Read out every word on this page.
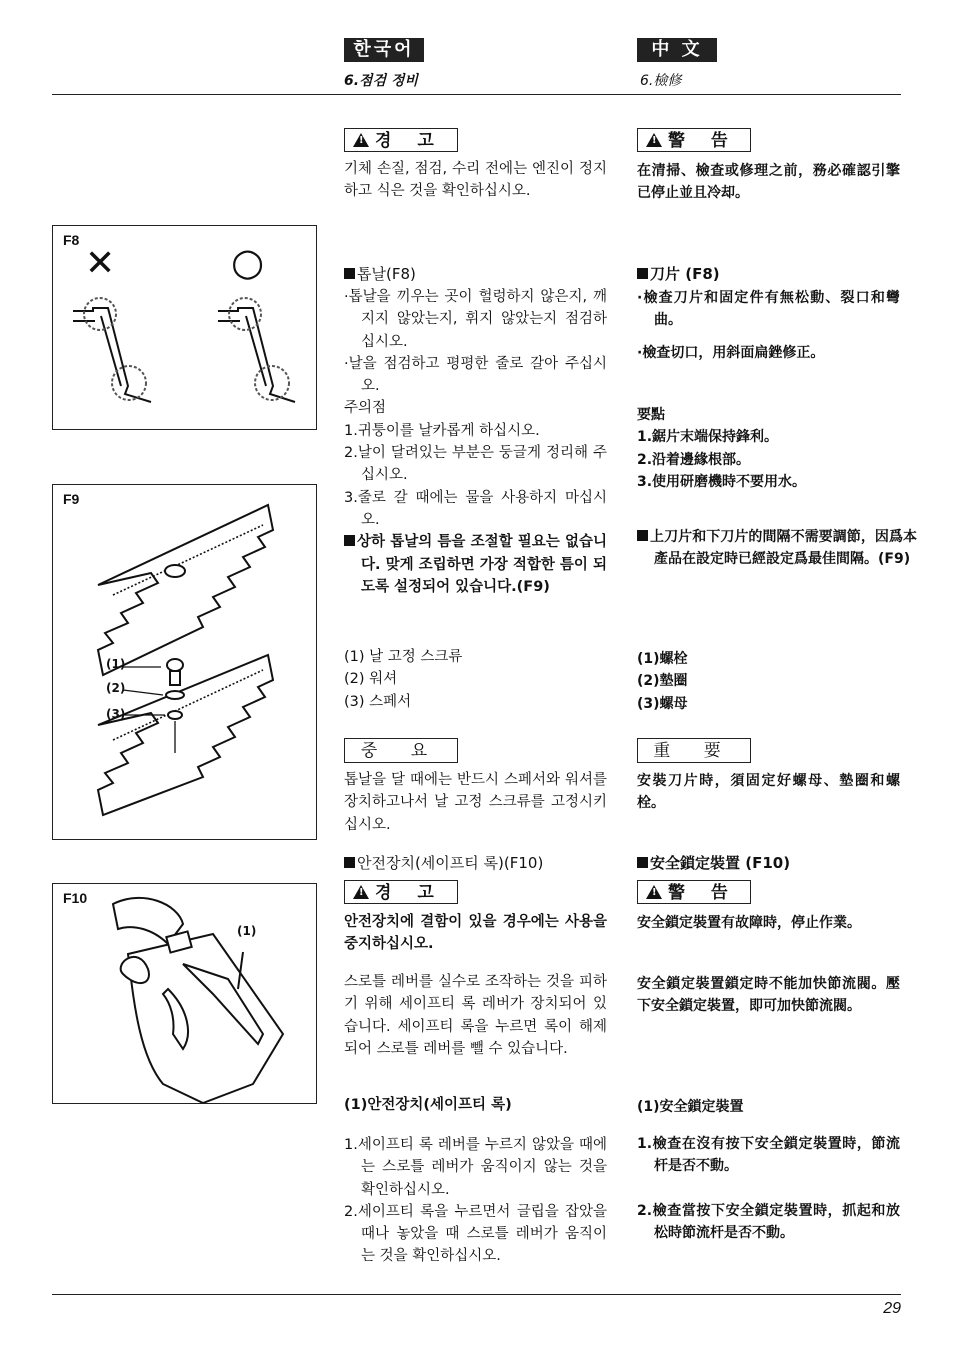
한국어	中 文
6.점검 정비	6.檢修
!경 고
기체 손질, 점검, 수리 전에는 엔진이 정지하고 식은 것을 확인하십시오.
톱날(F8)
·톱날을 끼우는 곳이 헐렁하지 않은지, 깨지지 않았는지, 휘지 않았는지 점검하십시오.
·날을 점검하고 평평한 줄로 갈아 주십시오.
주의점
1.귀퉁이를 날카롭게 하십시오.
2.날이 달려있는 부분은 둥글게 정리해 주십시오.
3.줄로 갈 때에는 물을 사용하지 마십시오.
상하 톱날의 틈을 조절할 필요는 없습니다. 맞게 조립하면 가장 적합한 틈이 되도록 설정되어 있습니다.(F9)
(1) 날 고정 스크류
(2) 워셔
(3) 스페서
중 요
톱날을 달 때에는 반드시 스페서와 워셔를 장치하고나서 날 고정 스크류를 고정시키십시오.
안전장치(세이프티 록)(F10)
!경 고
안전장치에 결함이 있을 경우에는 사용을 중지하십시오.
스로틀 레버를 실수로 조작하는 것을 피하기 위해 세이프티 록 레버가 장치되어 있습니다. 세이프티 록을 누르면 록이 해제되어 스로틀 레버를 뺄 수 있습니다.
(1)안전장치(세이프티 록)
1.세이프티 록 레버를 누르지 않았을 때에는 스로틀 레버가 움직이지 않는 것을 확인하십시오.
2.세이프티 록을 누르면서 글립을 잡았을 때나 놓았을 때 스로틀 레버가 움직이는 것을 확인하십시오.
!警 告
在清掃、檢查或修理之前，務必確認引擎已停止並且冷却。
刀片 (F8)
·檢查刀片和固定件有無松動、裂口和彎曲。
·檢查切口，用斜面扁銼修正。
要點
1.鋸片末端保持鋒利。
2.沿着邊緣根部。
3.使用研磨機時不要用水。
上刀片和下刀片的間隔不需要調節，因爲本產品在設定時已經設定爲最佳間隔。(F9)
(1)螺栓
(2)墊圈
(3)螺母
重 要
安裝刀片時，須固定好螺母、墊圈和螺栓。
安全鎖定裝置 (F10)
!警 告
安全鎖定裝置有故障時，停止作業。
安全鎖定裝置鎖定時不能加快節流閥。壓下安全鎖定裝置，即可加快節流閥。
(1)安全鎖定裝置
1.檢查在沒有按下安全鎖定裝置時，節流杆是否不動。
2.檢查當按下安全鎖定裝置時，抓起和放松時節流杆是否不動。
F8
✕	○
F9
(1)
(2)
(3)
F10
(1)
29
